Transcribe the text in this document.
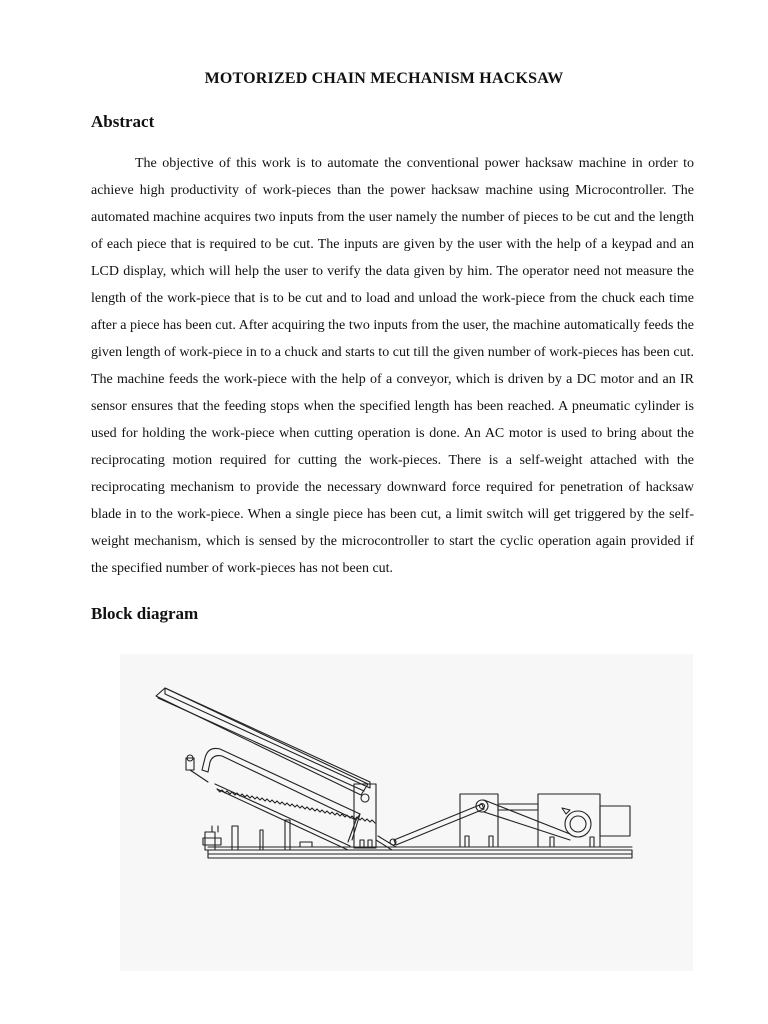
MOTORIZED CHAIN MECHANISM HACKSAW
Abstract

The objective of this work is to automate the conventional power hacksaw machine in order to achieve high productivity of work-pieces than the power hacksaw machine using Microcontroller. The automated machine acquires two inputs from the user namely the number of pieces to be cut and the length of each piece that is required to be cut. The inputs are given by the user with the help of a keypad and an LCD display, which will help the user to verify the data given by him. The operator need not measure the length of the work-piece that is to be cut and to load and unload the work-piece from the chuck each time after a piece has been cut. After acquiring the two inputs from the user, the machine automatically feeds the given length of work-piece in to a chuck and starts to cut till the given number of work-pieces has been cut. The machine feeds the work-piece with the help of a conveyor, which is driven by a DC motor and an IR sensor ensures that the feeding stops when the specified length has been reached. A pneumatic cylinder is used for holding the work-piece when cutting operation is done. An AC motor is used to bring about the reciprocating motion required for cutting the work-pieces. There is a self-weight attached with the reciprocating mechanism to provide the necessary downward force required for penetration of hacksaw blade in to the work-piece. When a single piece has been cut, a limit switch will get triggered by the self-weight mechanism, which is sensed by the microcontroller to start the cyclic operation again provided if the specified number of work-pieces has not been cut.

Block diagram
